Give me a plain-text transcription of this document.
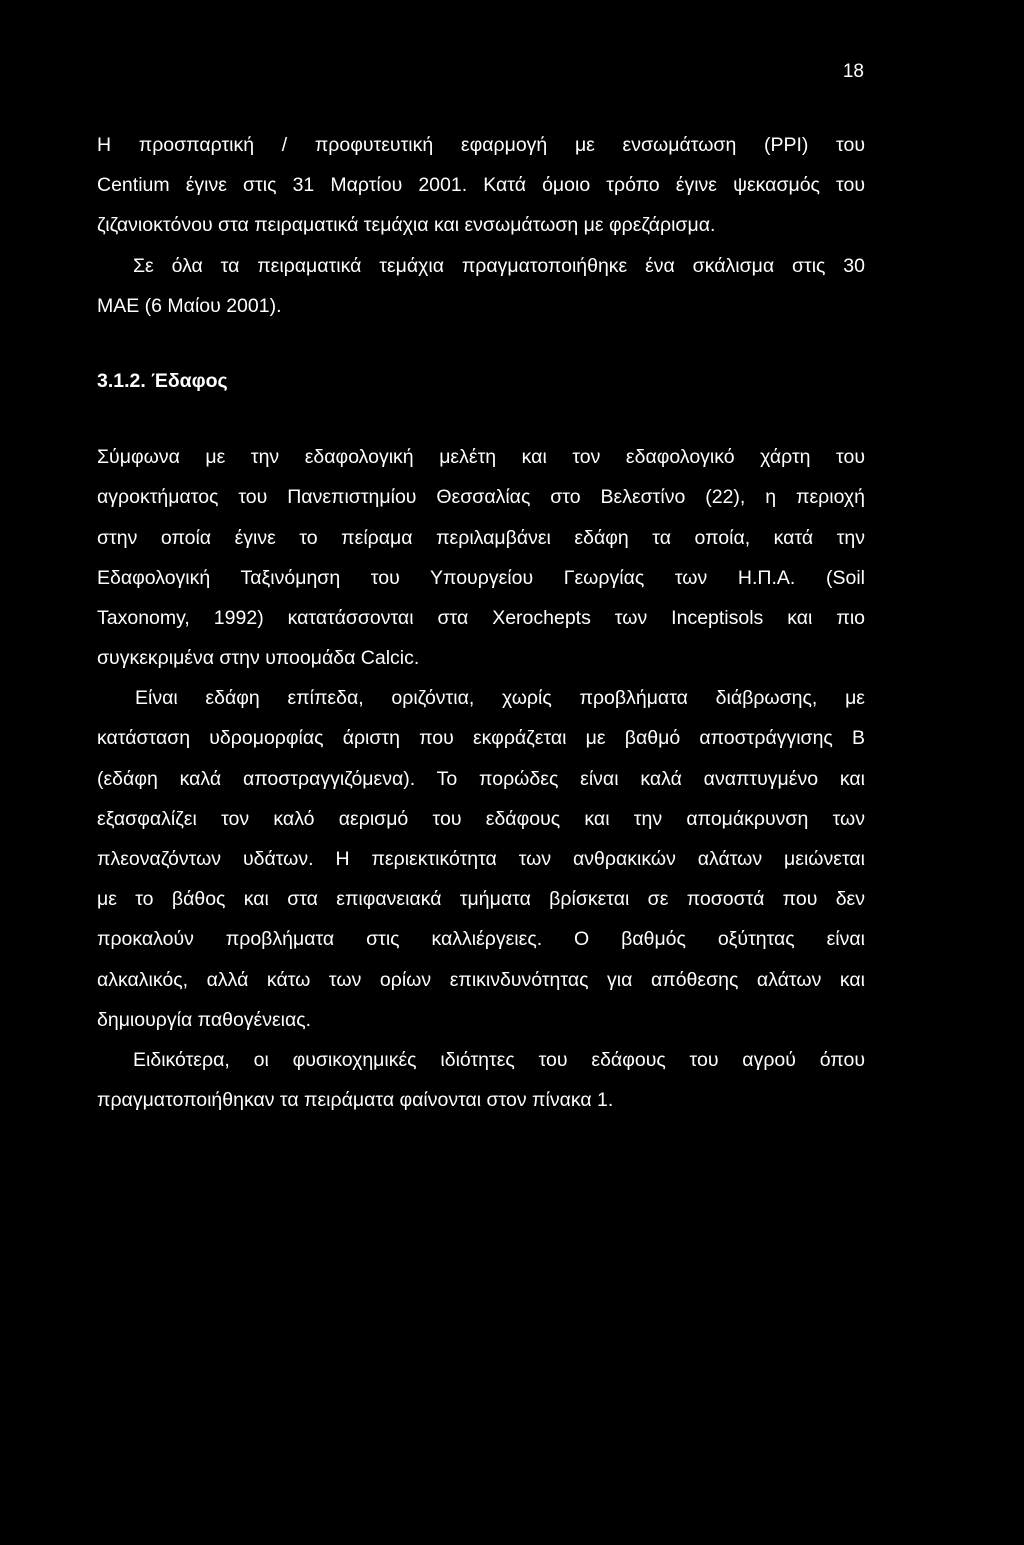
18
Η προσπαρτική / προφυτευτική εφαρμογή με ενσωμάτωση (PPI) του
Centium έγινε στις 31 Μαρτίου 2001. Κατά όμοιο τρόπο έγινε ψεκασμός του
ζιζανιοκτόνου στα πειραματικά τεμάχια και ενσωμάτωση με φρεζάρισμα.
Σε όλα τα πειραματικά τεμάχια πραγματοποιήθηκε ένα σκάλισμα στις 30
ΜΑΕ (6 Μαίου 2001).
3.1.2. Έδαφος
Σύμφωνα με την εδαφολογική μελέτη και τον εδαφολογικό χάρτη του
αγροκτήματος του Πανεπιστημίου Θεσσαλίας στο Βελεστίνο (22), η περιοχή
στην οποία έγινε το πείραμα περιλαμβάνει εδάφη τα οποία, κατά την
Εδαφολογική Ταξινόμηση του Υπουργείου Γεωργίας των Η.Π.Α. (Soil
Taxonomy, 1992) κατατάσσονται στα Xerochepts των Inceptisols και πιο
συγκεκριμένα στην υποομάδα Calcic.
Είναι εδάφη επίπεδα, οριζόντια, χωρίς προβλήματα διάβρωσης, με
κατάσταση υδρομορφίας άριστη που εκφράζεται με βαθμό αποστράγγισης B
(εδάφη καλά αποστραγγιζόμενα). Το πορώδες είναι καλά αναπτυγμένο και
εξασφαλίζει τον καλό αερισμό του εδάφους και την απομάκρυνση των
πλεοναζόντων υδάτων. Η περιεκτικότητα των ανθρακικών αλάτων μειώνεται
με το βάθος και στα επιφανειακά τμήματα βρίσκεται σε ποσοστά που δεν
προκαλούν προβλήματα στις καλλιέργειες. Ο βαθμός οξύτητας είναι
αλκαλικός, αλλά κάτω των ορίων επικινδυνότητας για απόθεσης αλάτων και
δημιουργία παθογένειας.
Ειδικότερα, οι φυσικοχημικές ιδιότητες του εδάφους του αγρού όπου
πραγματοποιήθηκαν τα πειράματα φαίνονται στον πίνακα 1.
